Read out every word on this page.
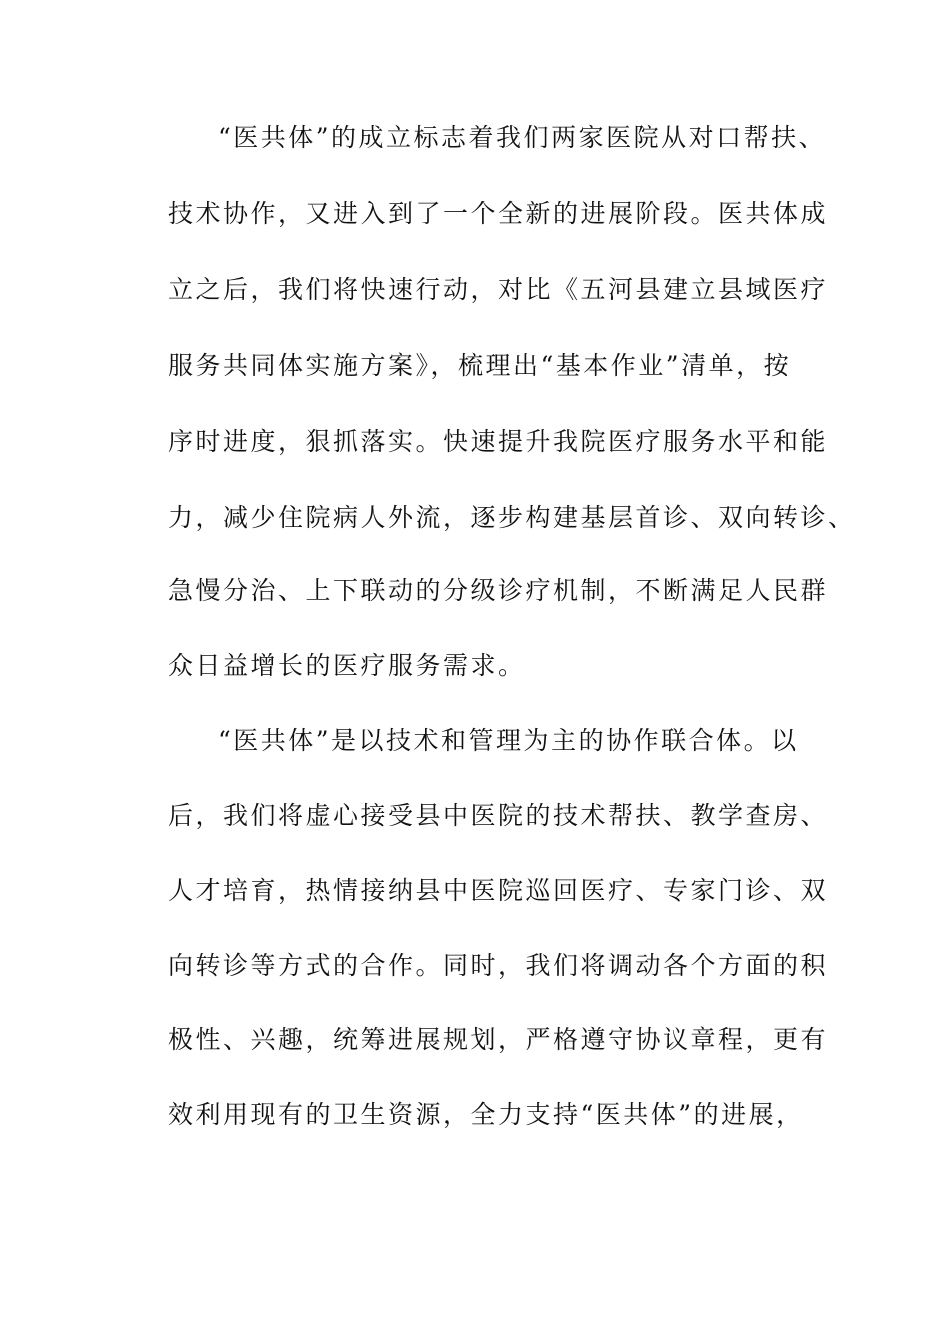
“医共体”的成立标志着我们两家医院从对口帮扶、
技术协作，又进入到了一个全新的进展阶段。医共体成
立之后，我们将快速行动，对比《五河县建立县域医疗
服务共同体实施方案》，梳理出“基本作业”清单，按
序时进度，狠抓落实。快速提升我院医疗服务水平和能
力，减少住院病人外流，逐步构建基层首诊、双向转诊、
急慢分治、上下联动的分级诊疗机制，不断满足人民群
众日益增长的医疗服务需求。
“医共体”是以技术和管理为主的协作联合体。以
后，我们将虚心接受县中医院的技术帮扶、教学查房、
人才培育，热情接纳县中医院巡回医疗、专家门诊、双
向转诊等方式的合作。同时，我们将调动各个方面的积
极性、兴趣，统筹进展规划，严格遵守协议章程，更有
效利用现有的卫生资源，全力支持“医共体”的进展，
